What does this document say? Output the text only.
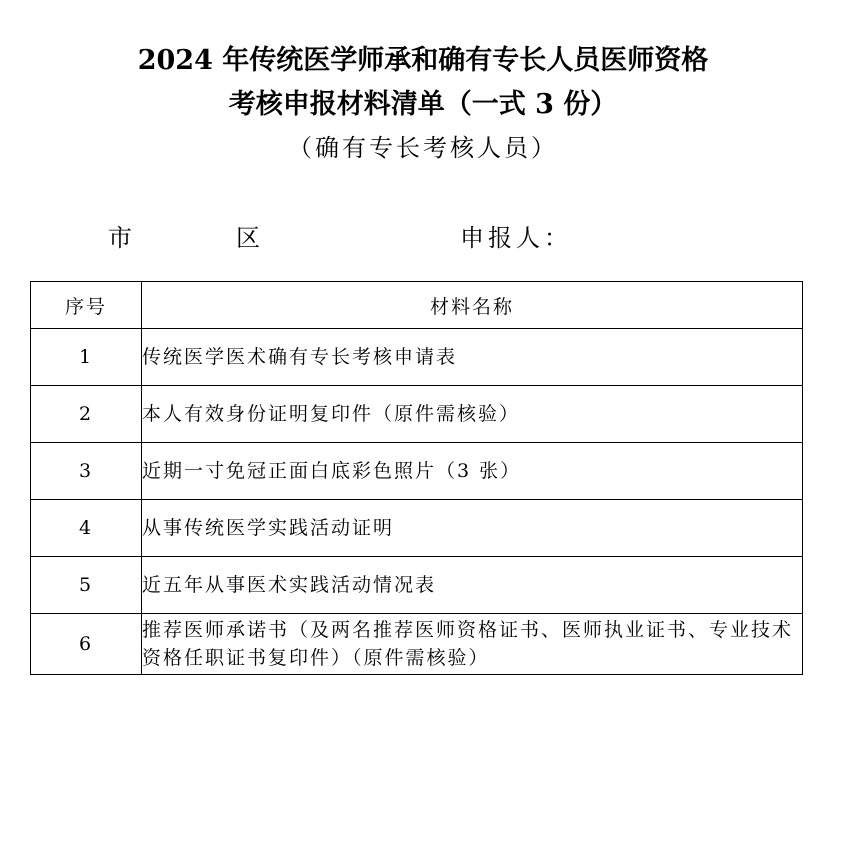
2024 年传统医学师承和确有专长人员医师资格
考核申报材料清单（一式 3 份）
（确有专长考核人员）
市	区	申报人：
序号	材料名称
1	传统医学医术确有专长考核申请表
2	本人有效身份证明复印件（原件需核验）
3	近期一寸免冠正面白底彩色照片（3 张）
4	从事传统医学实践活动证明
5	近五年从事医术实践活动情况表
6	推荐医师承诺书（及两名推荐医师资格证书、医师执业证书、专业技术资格任职证书复印件）（原件需核验）
